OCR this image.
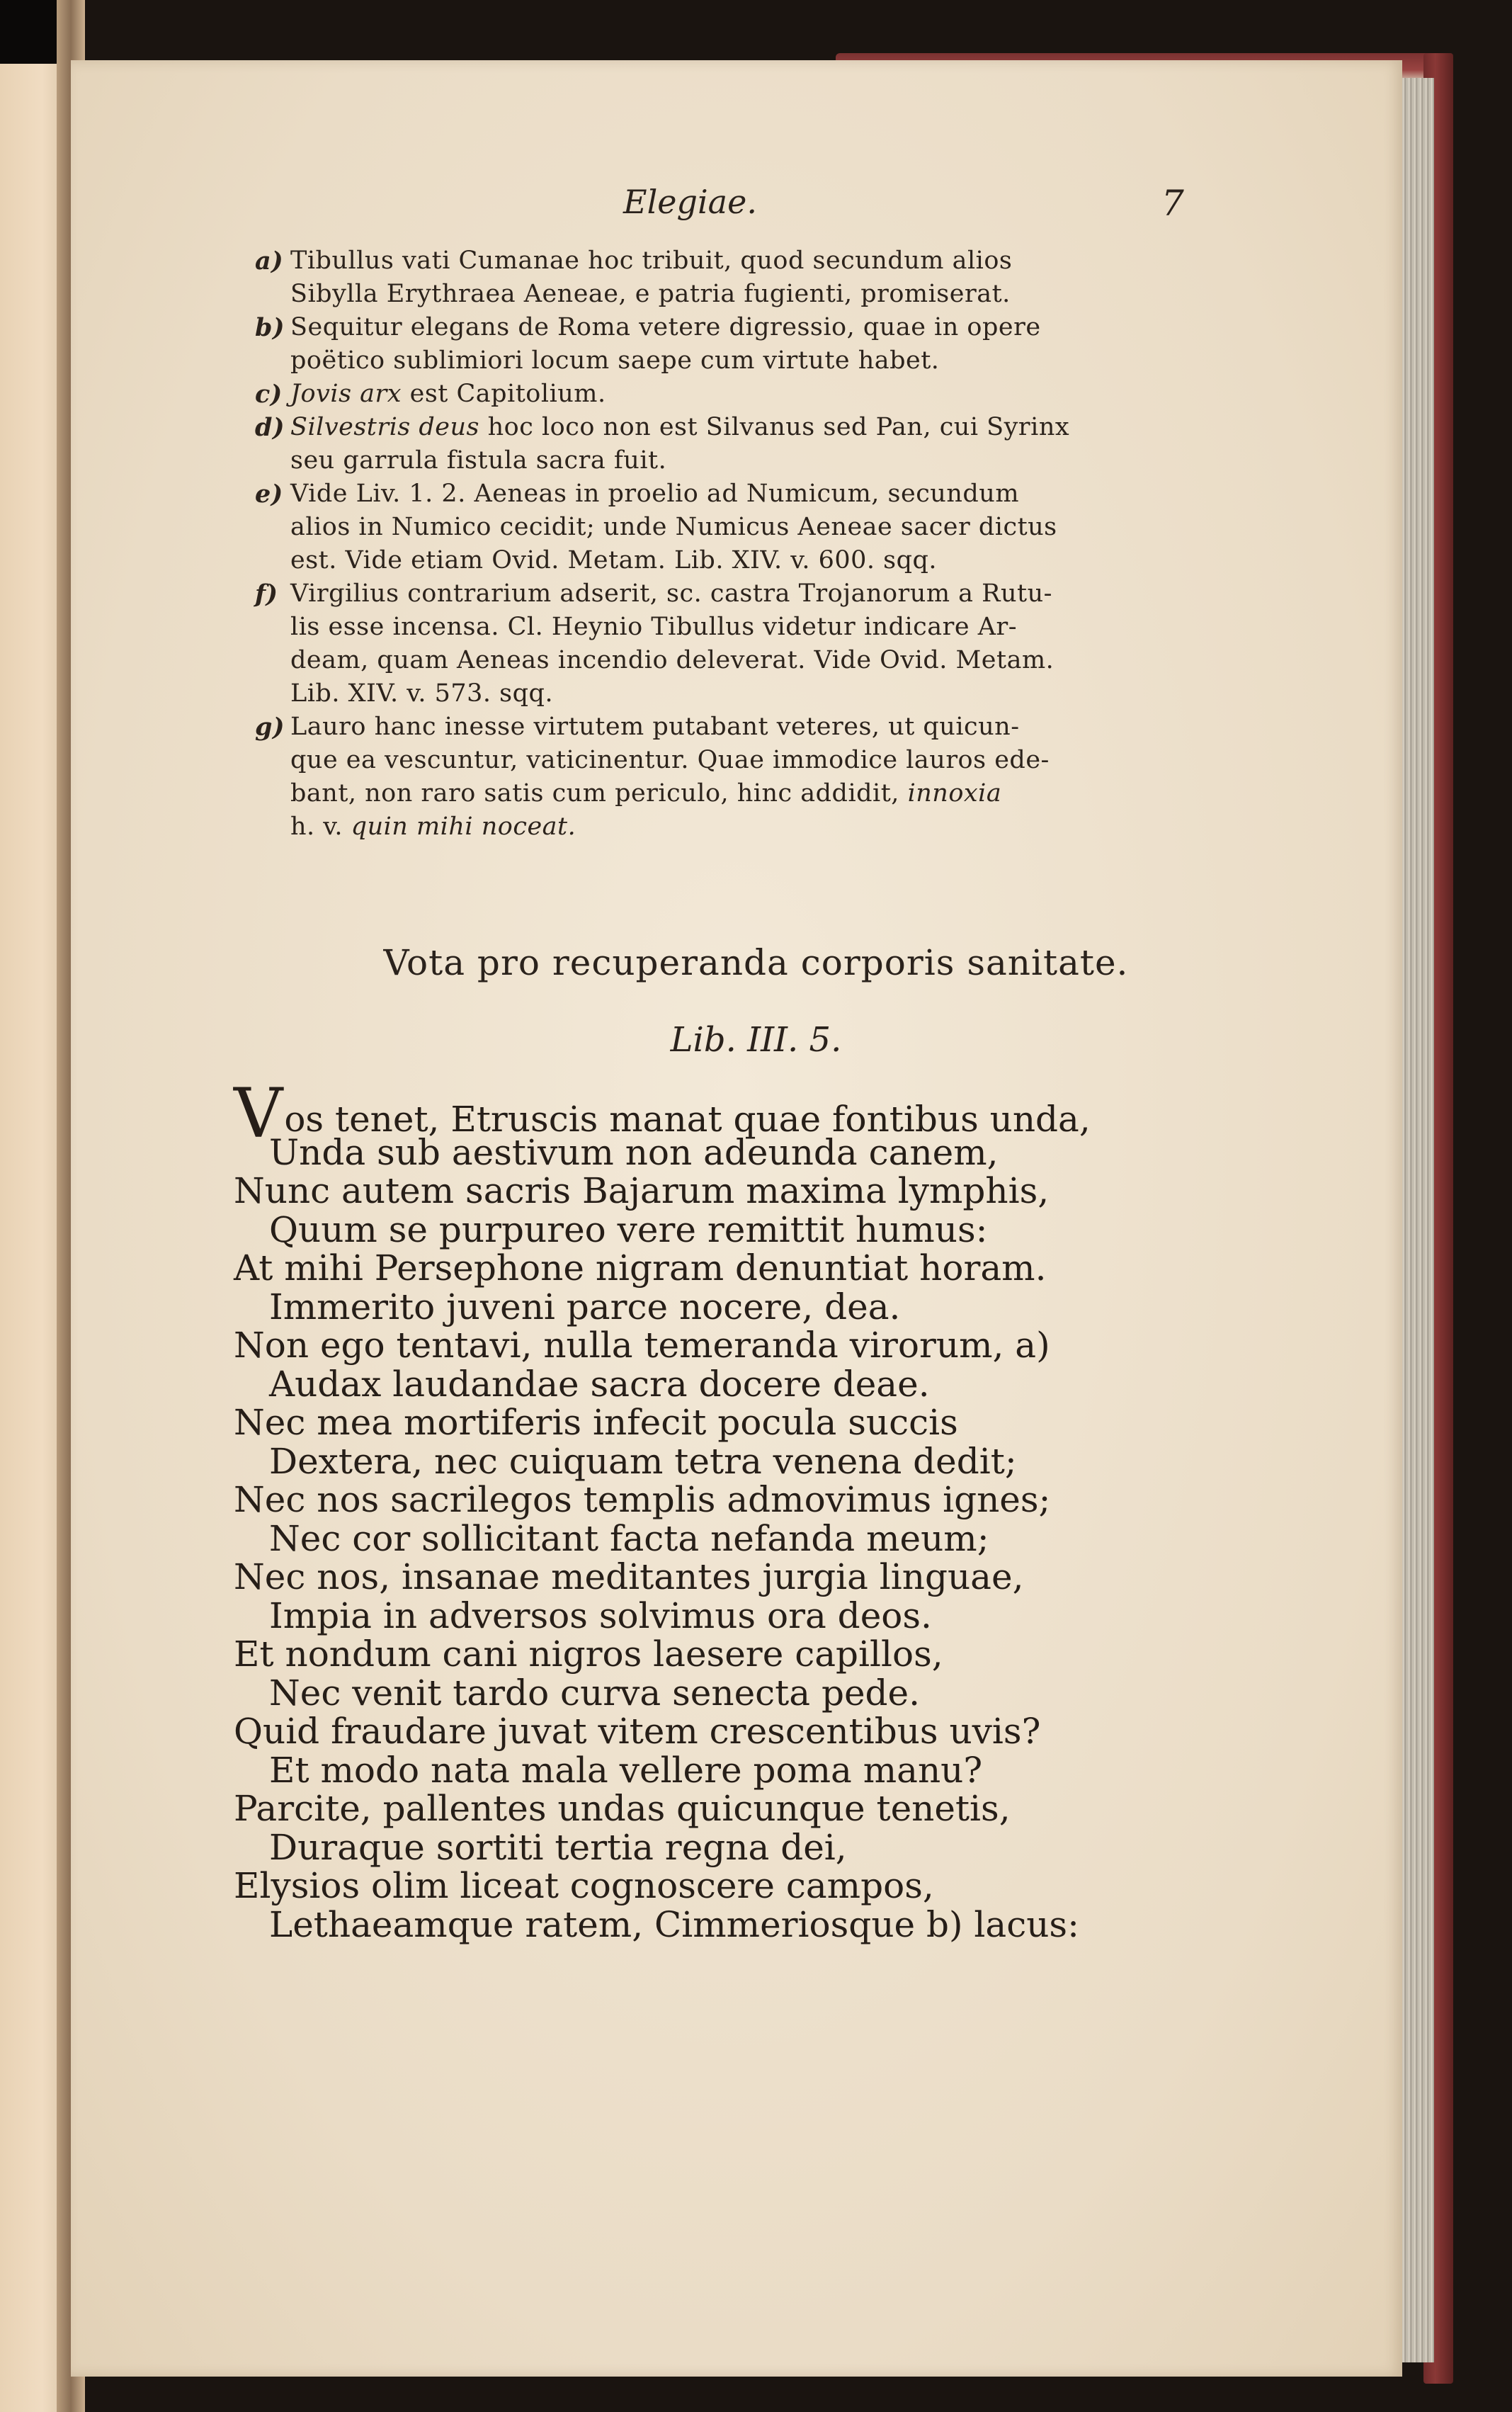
Elegiae.	7

a) Tibullus vati Cumanae hoc tribuit, quod secundum alios
Sibylla Erythraea Aeneae, e patria fugienti, promiserat.

b) Sequitur elegans de Roma vetere digressio, quae in opere
poëtico sublimiori locum saepe cum virtute habet.

c) Jovis arx est Capitolium.

d) Silvestris deus hoc loco non est Silvanus sed Pan, cui Syrinx
seu garrula fistula sacra fuit.

e) Vide Liv. 1. 2. Aeneas in proelio ad Numicum, secundum
alios in Numico cecidit; unde Numicus Aeneae sacer dictus
est. Vide etiam Ovid. Metam. Lib. XIV. v. 600. sqq.

f) Virgilius contrarium adserit, sc. castra Trojanorum a Rutu-
lis esse incensa. Cl. Heynio Tibullus videtur indicare Ar-
deam, quam Aeneas incendio deleverat. Vide Ovid. Metam.
Lib. XIV. v. 573. sqq.

g) Lauro hanc inesse virtutem putabant veteres, ut quicun-
que ea vescuntur, vaticinentur. Quae immodice lauros ede-
bant, non raro satis cum periculo, hinc addidit, innoxia
h. v. quin mihi noceat.

Vota pro recuperanda corporis sanitate.
Lib. III. 5.
Vos tenet, Etruscis manat quae fontibus unda,
Unda sub aestivum non adeunda canem,
Nunc autem sacris Bajarum maxima lymphis,
Quum se purpureo vere remittit humus:
At mihi Persephone nigram denuntiat horam.
Immerito juveni parce nocere, dea.
Non ego tentavi, nulla temeranda virorum, a)
Audax laudandae sacra docere deae.
Nec mea mortiferis infecit pocula succis
Dextera, nec cuiquam tetra venena dedit;
Nec nos sacrilegos templis admovimus ignes;
Nec cor sollicitant facta nefanda meum;
Nec nos, insanae meditantes jurgia linguae,
Impia in adversos solvimus ora deos.
Et nondum cani nigros laesere capillos,
Nec venit tardo curva senecta pede.
Quid fraudare juvat vitem crescentibus uvis?
Et modo nata mala vellere poma manu?
Parcite, pallentes undas quicunque tenetis,
Duraque sortiti tertia regna dei,
Elysios olim liceat cognoscere campos,
Lethaeamque ratem, Cimmeriosque b) lacus:
